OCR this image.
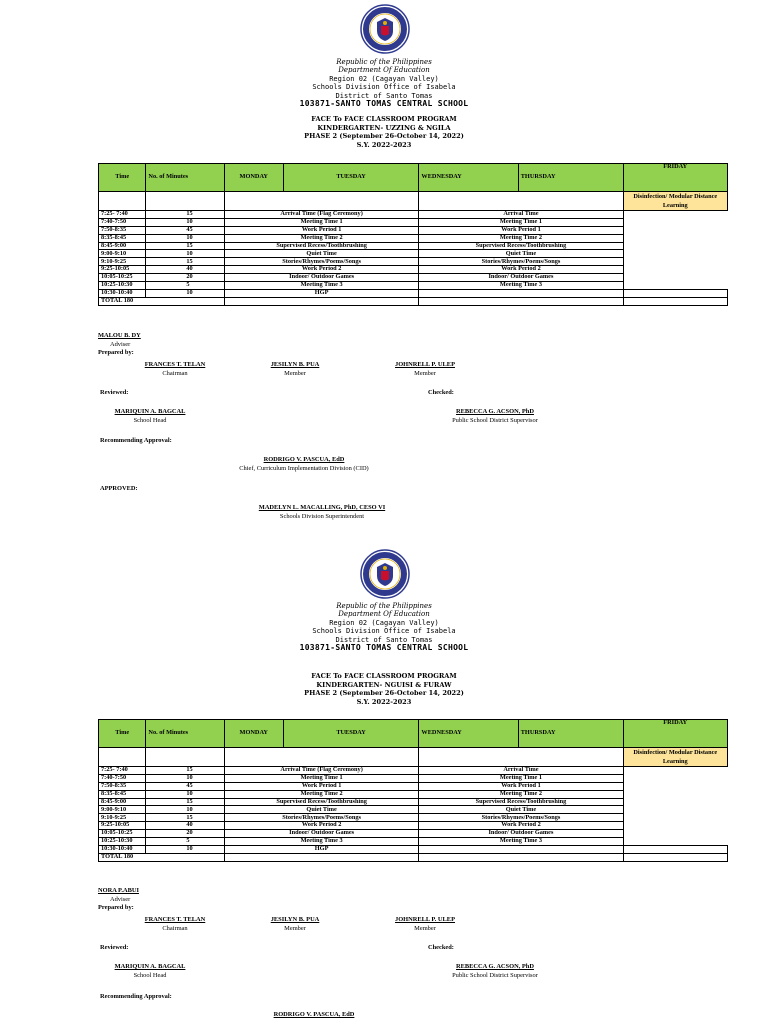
Republic of the Philippines
Department Of Education
Region 02 (Cagayan Valley)
Schools Division Office of Isabela
District of Santo Tomas
103871-SANTO TOMAS CENTRAL SCHOOL
FACE To FACE CLASSROOM PROGRAM
KINDERGARTEN- UZZING & NGILA
PHASE 2 (September 26-October 14, 2022)
S.Y. 2022-2023
Time	No. of Minutes	MONDAY	TUESDAY	WEDNESDAY	THURSDAY	FRIDAY
						Disinfection/ Modular Distance Learning
7:25- 7:40	15	Arrival Time (Flag Ceremony)		Arrival Time		
7:40-7:50	10	Meeting Time 1		Meeting Time 1		
7:50-8:35	45	Work Period 1		Work Period 1		
8:35-8:45	10	Meeting Time 2		Meeting Time 2		
8:45-9:00	15	Supervised Recess/Toothbrushing		Supervised Recess/Toothbrushing		
9:00-9:10	10	Quiet Time		Quiet Time		
9:10-9:25	15	Stories/Rhymes/Poems/Songs		Stories/Rhymes/Poems/Songs		
9:25-10:05	40	Work Period 2		Work Period 2		
10:05-10:25	20	Indoor/ Outdoor Games		Indoor/ Outdoor Games		
10:25-10:30	5	Meeting Time 3		Meeting Time 3		
10:30-10:40	10	HGP				
TOTAL 180						
MALOU B. DY
Adviser
Prepared by:
FRANCES T. TELAN
Chairman
JESILYN B. PUA
Member
JOHNRELL P. ULEP
Member
Reviewed:	Checked:
MARIQUIN A. BAGCAL
School Head
REBECCA G. ACSON, PhD
Public School District Supervisor
Recommending Approval:
RODRIGO V. PASCUA, EdD
Chief, Curriculum Implementation Division (CID)
APPROVED:
MADELYN L. MACALLING, PhD, CESO VI
Schools Division Superintendent
Republic of the Philippines
Department Of Education
Region 02 (Cagayan Valley)
Schools Division Office of Isabela
District of Santo Tomas
103871-SANTO TOMAS CENTRAL SCHOOL
FACE To FACE CLASSROOM PROGRAM
KINDERGARTEN- NGUISI & FURAW
PHASE 2 (September 26-October 14, 2022)
S.Y. 2022-2023
Time	No. of Minutes	MONDAY	TUESDAY	WEDNESDAY	THURSDAY	FRIDAY
						Disinfection/ Modular Distance Learning
7:25- 7:40	15	Arrival Time (Flag Ceremony)		Arrival Time		
7:40-7:50	10	Meeting Time 1		Meeting Time 1		
7:50-8:35	45	Work Period 1		Work Period 1		
8:35-8:45	10	Meeting Time 2		Meeting Time 2		
8:45-9:00	15	Supervised Recess/Toothbrushing		Supervised Recess/Toothbrushing		
9:00-9:10	10	Quiet Time		Quiet Time		
9:10-9:25	15	Stories/Rhymes/Poems/Songs		Stories/Rhymes/Poems/Songs		
9:25-10:05	40	Work Period 2		Work Period 2		
10:05-10:25	20	Indoor/ Outdoor Games		Indoor/ Outdoor Games		
10:25-10:30	5	Meeting Time 3		Meeting Time 3		
10:30-10:40	10	HGP				
TOTAL 180						
NORA P.ABUI
Adviser
Prepared by:
FRANCES T. TELAN
Chairman
JESILYN B. PUA
Member
JOHNRELL P. ULEP
Member
Reviewed:	Checked:
MARIQUIN A. BAGCAL
School Head
REBECCA G. ACSON, PhD
Public School District Supervisor
Recommending Approval:
RODRIGO V. PASCUA, EdD
